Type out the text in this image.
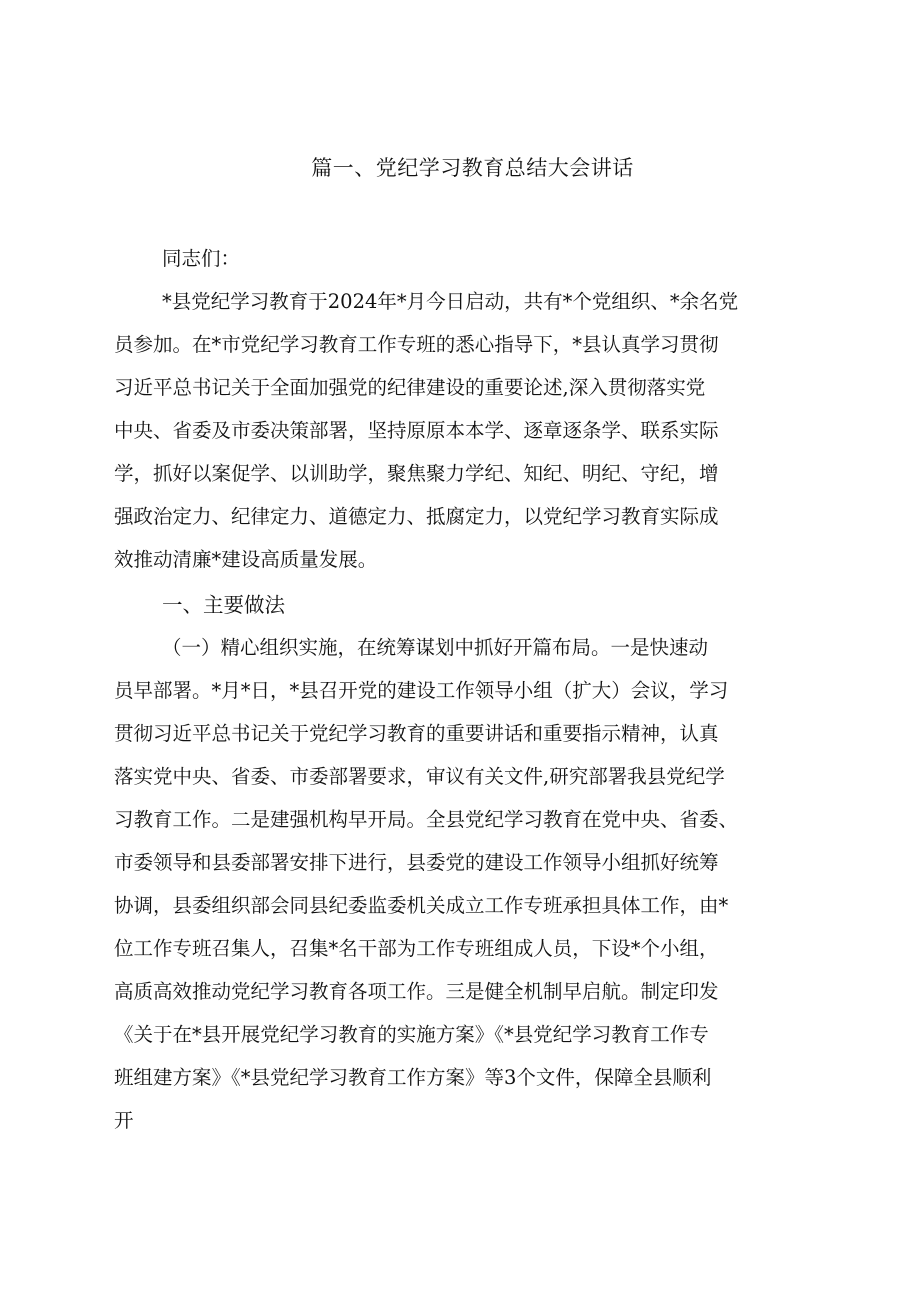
篇一、党纪学习教育总结大会讲话
同志们：
*县党纪学习教育于2024年*月今日启动，共有*个党组织、*余名党
员参加。在*市党纪学习教育工作专班的悉心指导下，*县认真学习贯彻
习近平总书记关于全面加强党的纪律建设的重要论述,深入贯彻落实党
中央、省委及市委决策部署，坚持原原本本学、逐章逐条学、联系实际
学，抓好以案促学、以训助学，聚焦聚力学纪、知纪、明纪、守纪，增
强政治定力、纪律定力、道德定力、抵腐定力，以党纪学习教育实际成
效推动清廉*建设高质量发展。
一、主要做法
（一）精心组织实施，在统筹谋划中抓好开篇布局。一是快速动
员早部署。*月*日，*县召开党的建设工作领导小组（扩大）会议，学习
贯彻习近平总书记关于党纪学习教育的重要讲话和重要指示精神，认真
落实党中央、省委、市委部署要求，审议有关文件,研究部署我县党纪学
习教育工作。二是建强机构早开局。全县党纪学习教育在党中央、省委、
市委领导和县委部署安排下进行，县委党的建设工作领导小组抓好统筹
协调，县委组织部会同县纪委监委机关成立工作专班承担具体工作，由*
位工作专班召集人，召集*名干部为工作专班组成人员，下设*个小组，
高质高效推动党纪学习教育各项工作。三是健全机制早启航。制定印发
《关于在*县开展党纪学习教育的实施方案》《*县党纪学习教育工作专
班组建方案》《*县党纪学习教育工作方案》等3个文件，保障全县顺利
开
